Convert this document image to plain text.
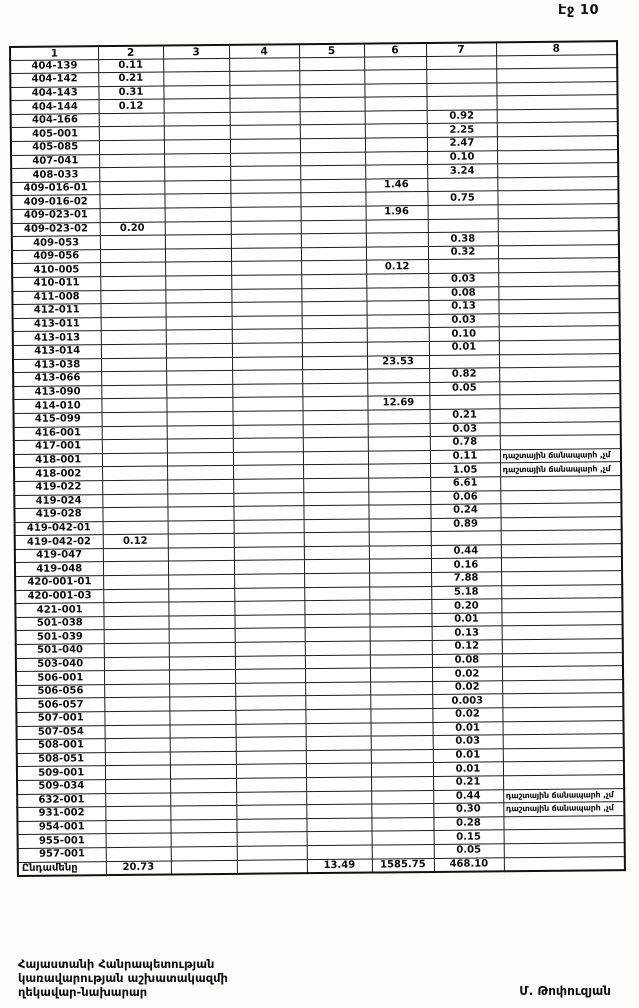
Էջ 10
1	2	3	4	5	6	7	8
404-139	0.11						
404-142	0.21						
404-143	0.31						
404-144	0.12						
404-166						0.92	
405-001						2.25	
405-085						2.47	
407-041						0.10	
408-033						3.24	
409-016-01					1.46		
409-016-02						0.75	
409-023-01					1.96		
409-023-02	0.20						
409-053						0.38	
409-056						0.32	
410-005					0.12		
410-011						0.03	
411-008						0.08	
412-011						0.13	
413-011						0.03	
413-013						0.10	
413-014						0.01	
413-038					23.53		
413-066						0.82	
413-090						0.05	
414-010					12.69		
415-099						0.21	
416-001						0.03	
417-001						0.78	
418-001						0.11	դաշտային ճանապարհ ,չմ
418-002						1.05	դաշտային ճանապարհ ,չմ
419-022						6.61	
419-024						0.06	
419-028						0.24	
419-042-01						0.89	
419-042-02	0.12						
419-047						0.44	
419-048						0.16	
420-001-01						7.88	
420-001-03						5.18	
421-001						0.20	
501-038						0.01	
501-039						0.13	
501-040						0.12	
503-040						0.08	
506-001						0.02	
506-056						0.02	
506-057						0.003	
507-001						0.02	
507-054						0.01	
508-001						0.03	
508-051						0.01	
509-001						0.01	
509-034						0.21	
632-001						0.44	դաշտային ճանապարհ ,չմ
931-002						0.30	դաշտային ճանապարհ ,չմ
954-001						0.28	
955-001						0.15	
957-001						0.05	
Ընդամենը	20.73			13.49	1585.75	468.10	
Հայաստանի Հանրապետության
կառավարության աշխատակազմի
ղեկավար-նախարար	Մ. Թոփուզյան
